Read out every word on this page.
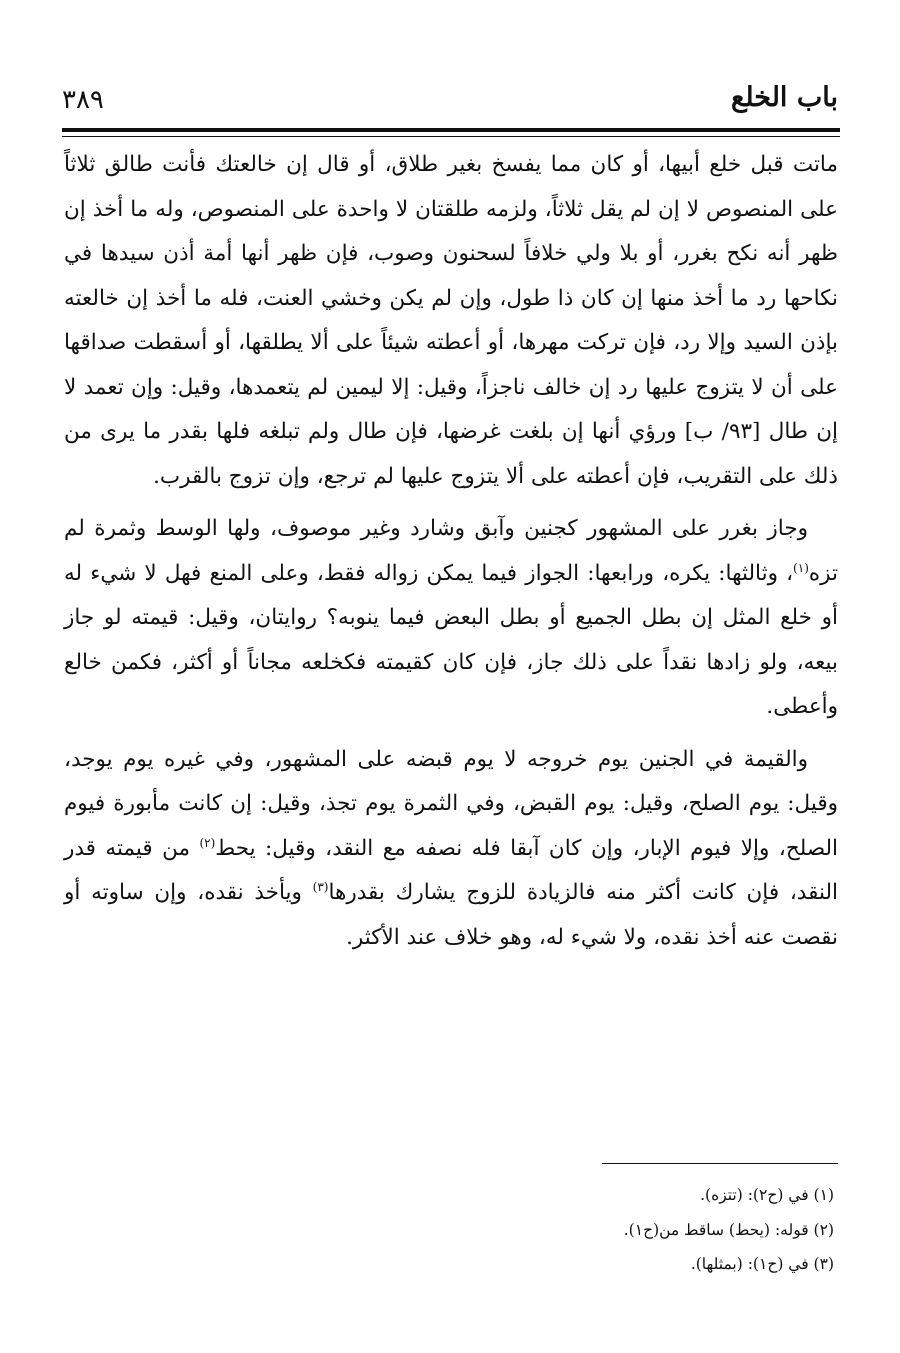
باب الخلع
٣٨٩

ماتت قبل خلع أبيها، أو كان مما يفسخ بغير طلاق، أو قال إن خالعتك فأنت طالق ثلاثاً على المنصوص لا إن لم يقل ثلاثاً، ولزمه طلقتان لا واحدة على المنصوص، وله ما أخذ إن ظهر أنه نكح بغرر، أو بلا ولي خلافاً لسحنون وصوب، فإن ظهر أنها أمة أذن سيدها في نكاحها رد ما أخذ منها إن كان ذا طول، وإن لم يكن وخشي العنت، فله ما أخذ إن خالعته بإذن السيد وإلا رد، فإن تركت مهرها، أو أعطته شيئاً على ألا يطلقها، أو أسقطت صداقها على أن لا يتزوج عليها رد إن خالف ناجزاً، وقيل: إلا ليمين لم يتعمدها، وقيل: وإن تعمد لا إن طال [٩٣/ ب] ورؤي أنها إن بلغت غرضها، فإن طال ولم تبلغه فلها بقدر ما يرى من ذلك على التقريب، فإن أعطته على ألا يتزوج عليها لم ترجع، وإن تزوج بالقرب.

وجاز بغرر على المشهور كجنين وآبق وشارد وغير موصوف، ولها الوسط وثمرة لم تزه$^{(١)}$، وثالثها: يكره، ورابعها: الجواز فيما يمكن زواله فقط، وعلى المنع فهل لا شيء له أو خلع المثل إن بطل الجميع أو بطل البعض فيما ينوبه؟ روايتان، وقيل: قيمته لو جاز بيعه، ولو زادها نقداً على ذلك جاز، فإن كان كقيمته فكخلعه مجاناً أو أكثر، فكمن خالع وأعطى.

والقيمة في الجنين يوم خروجه لا يوم قبضه على المشهور، وفي غيره يوم يوجد، وقيل: يوم الصلح، وقيل: يوم القبض، وفي الثمرة يوم تجذ، وقيل: إن كانت مأبورة فيوم الصلح، وإلا فيوم الإبار، وإن كان آبقا فله نصفه مع النقد، وقيل: يحط$^{(٢)}$ من قيمته قدر النقد، فإن كانت أكثر منه فالزيادة للزوج يشارك بقدرها$^{(٣)}$ ويأخذ نقده، وإن ساوته أو نقصت عنه أخذ نقده، ولا شيء له، وهو خلاف عند الأكثر.

(١) في (ح٢): (تتزه).

(٢) قوله: (يحط) ساقط من(ح١).

(٣) في (ح١): (بمثلها).
